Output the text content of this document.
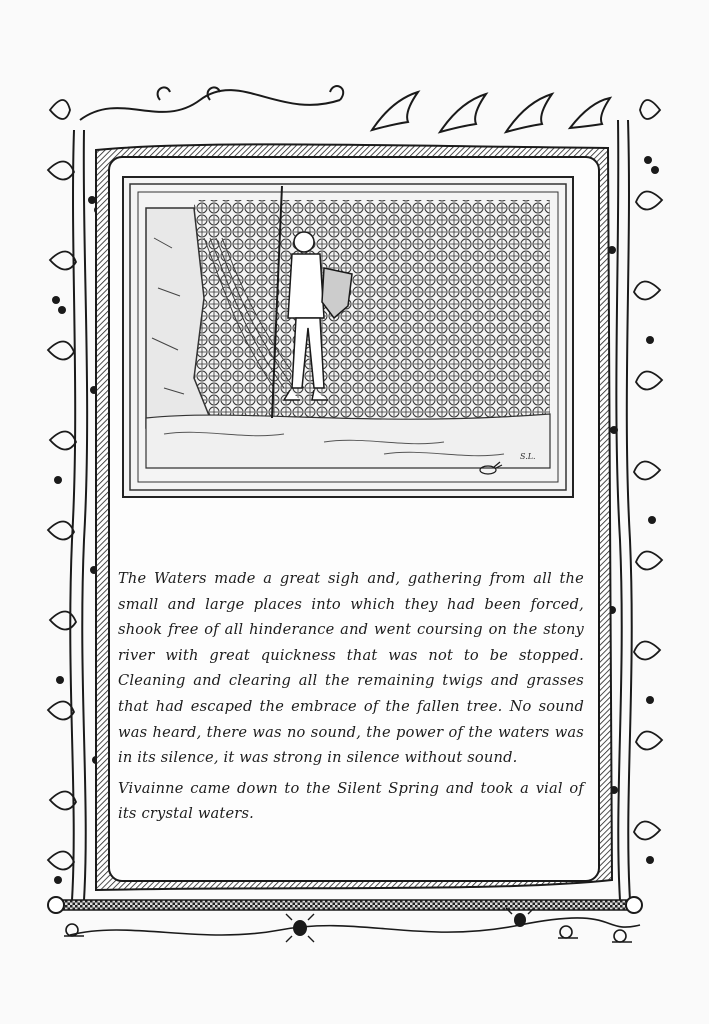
S.L.

The Waters made a great sigh and, gathering from all the small and large places into which they had been forced, shook free of all hinderance and went coursing on the stony river with great quickness that was not to be stopped. Cleaning and clearing all the remaining twigs and grasses that had escaped the embrace of the fallen tree. No sound was heard, there was no sound, the power of the waters was in its silence, it was strong in silence without sound.

Vivainne came down to the Silent Spring and took a vial of its crystal waters.
